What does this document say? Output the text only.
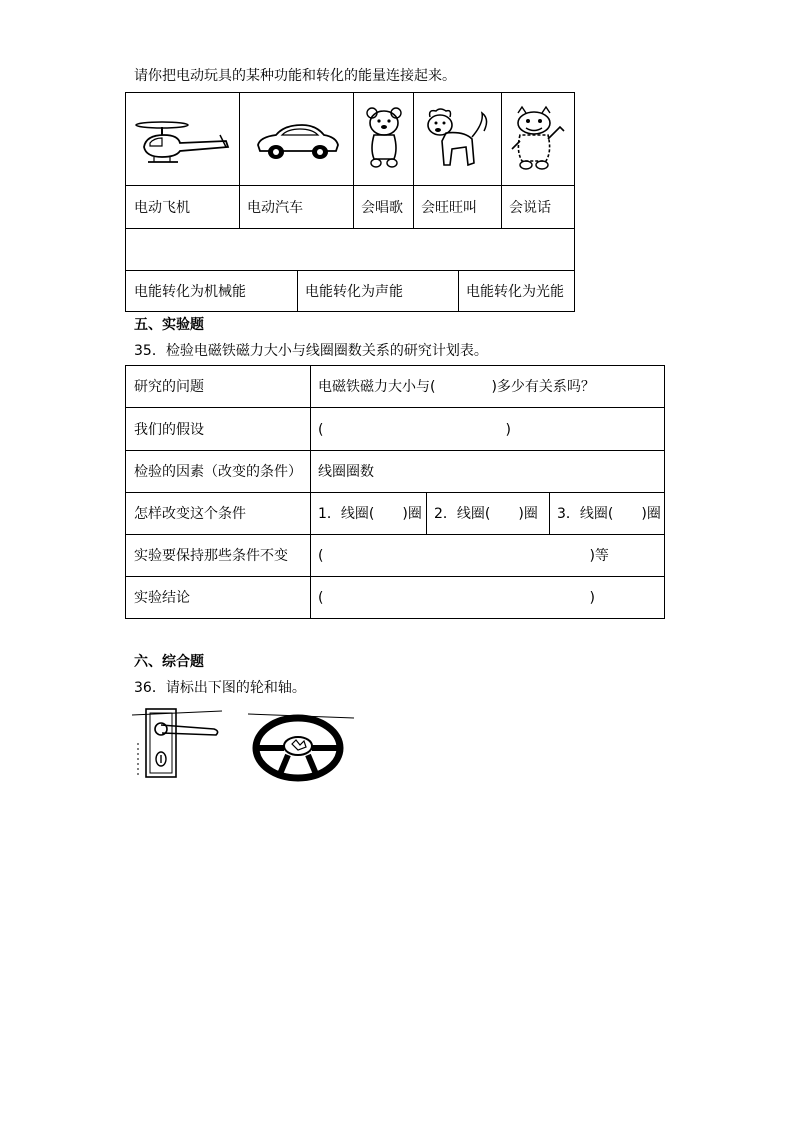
请你把电动玩具的某种功能和转化的能量连接起来。
电动飞机	电动汽车	会唱歌 会旺旺叫 会说话
电能转化为机械能	电能转化为声能	电能转化为光能
五、实验题
35．检验电磁铁磁力大小与线圈圈数关系的研究计划表。
研究的问题	电磁铁磁力大小与(　　　　)多少有关系吗？
我们的假设	(　　　　　　　　　　　　　)
检验的因素（改变的条件） 线圈圈数
怎样改变这个条件	1．线圈(　　)圈 2．线圈(　　)圈 3．线圈(　　)圈
实验要保持那些条件不变 (　　　　　　　　　　　　　　　　　　　)等
实验结论	(　　　　　　　　　　　　　　　　　　　)
六、综合题
36．请标出下图的轮和轴。
